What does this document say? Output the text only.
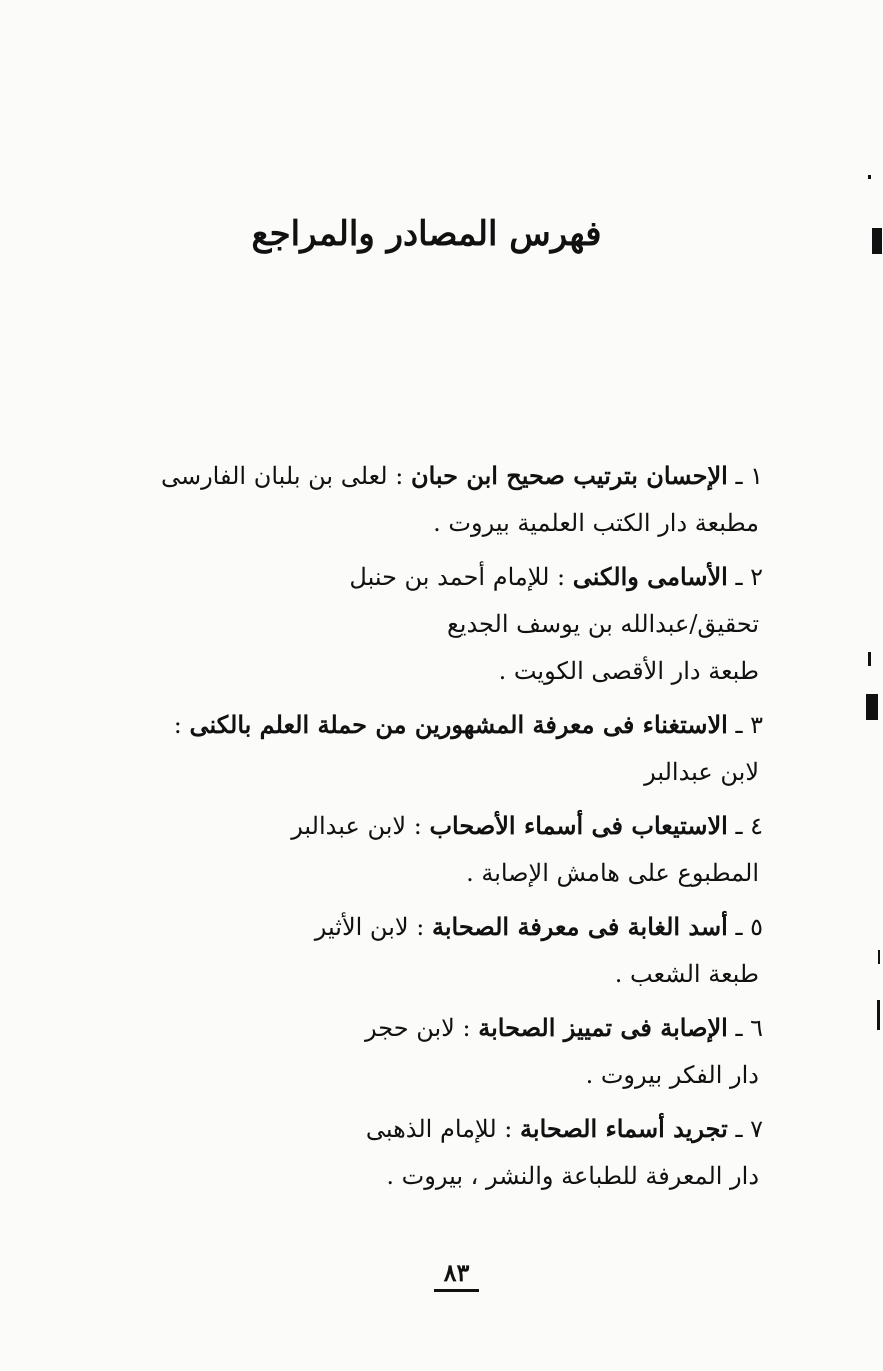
فهرس المصادر والمراجع
١ ـ الإحسان بترتيب صحيح ابن حبان : لعلى بن بلبان الفارسى
مطبعة دار الكتب العلمية بيروت .
٢ ـ الأسامى والكنى : للإمام أحمد بن حنبل
تحقيق/عبدالله بن يوسف الجديع
طبعة دار الأقصى الكويت .
٣ ـ الاستغناء فى معرفة المشهورين من حملة العلم بالكنى :
لابن عبدالبر
٤ ـ الاستيعاب فى أسماء الأصحاب : لابن عبدالبر
المطبوع على هامش الإصابة .
٥ ـ أسد الغابة فى معرفة الصحابة : لابن الأثير
طبعة الشعب .
٦ ـ الإصابة فى تمييز الصحابة : لابن حجر
دار الفكر بيروت .
٧ ـ تجريد أسماء الصحابة : للإمام الذهبى
دار المعرفة للطباعة والنشر ، بيروت .
٨٣
